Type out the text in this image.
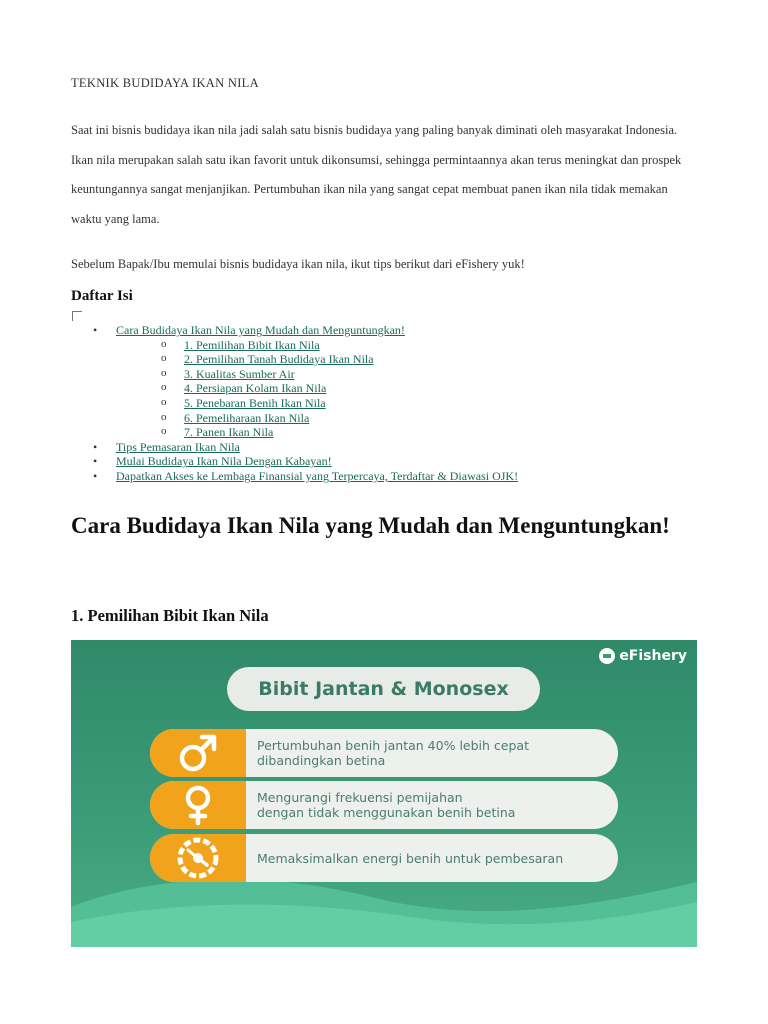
TEKNIK BUDIDAYA IKAN NILA

Saat ini bisnis budidaya ikan nila jadi salah satu bisnis budidaya yang paling banyak diminati oleh masyarakat Indonesia. Ikan nila merupakan salah satu ikan favorit untuk dikonsumsi, sehingga permintaannya akan terus meningkat dan prospek keuntungannya sangat menjanjikan. Pertumbuhan ikan nila yang sangat cepat membuat panen ikan nila tidak memakan waktu yang lama.

Sebelum Bapak/Ibu memulai bisnis budidaya ikan nila, ikut tips berikut dari eFishery yuk!

Daftar Isi
• Cara Budidaya Ikan Nila yang Mudah dan Menguntungkan!
o 1. Pemilihan Bibit Ikan Nila
o 2. Pemilihan Tanah Budidaya Ikan Nila
o 3. Kualitas Sumber Air
o 4. Persiapan Kolam Ikan Nila
o 5. Penebaran Benih Ikan Nila
o 6. Pemeliharaan Ikan Nila
o 7. Panen Ikan Nila
• Tips Pemasaran Ikan Nila
• Mulai Budidaya Ikan Nila Dengan Kabayan!
• Dapatkan Akses ke Lembaga Finansial yang Terpercaya, Terdaftar & Diawasi OJK!
Cara Budidaya Ikan Nila yang Mudah dan Menguntungkan!
1. Pemilihan Bibit Ikan Nila
eFishery
Bibit Jantan & Monosex
Pertumbuhan benih jantan 40% lebih cepat
dibandingkan betina
Mengurangi frekuensi pemijahan
dengan tidak menggunakan benih betina
Memaksimalkan energi benih untuk pembesaran
